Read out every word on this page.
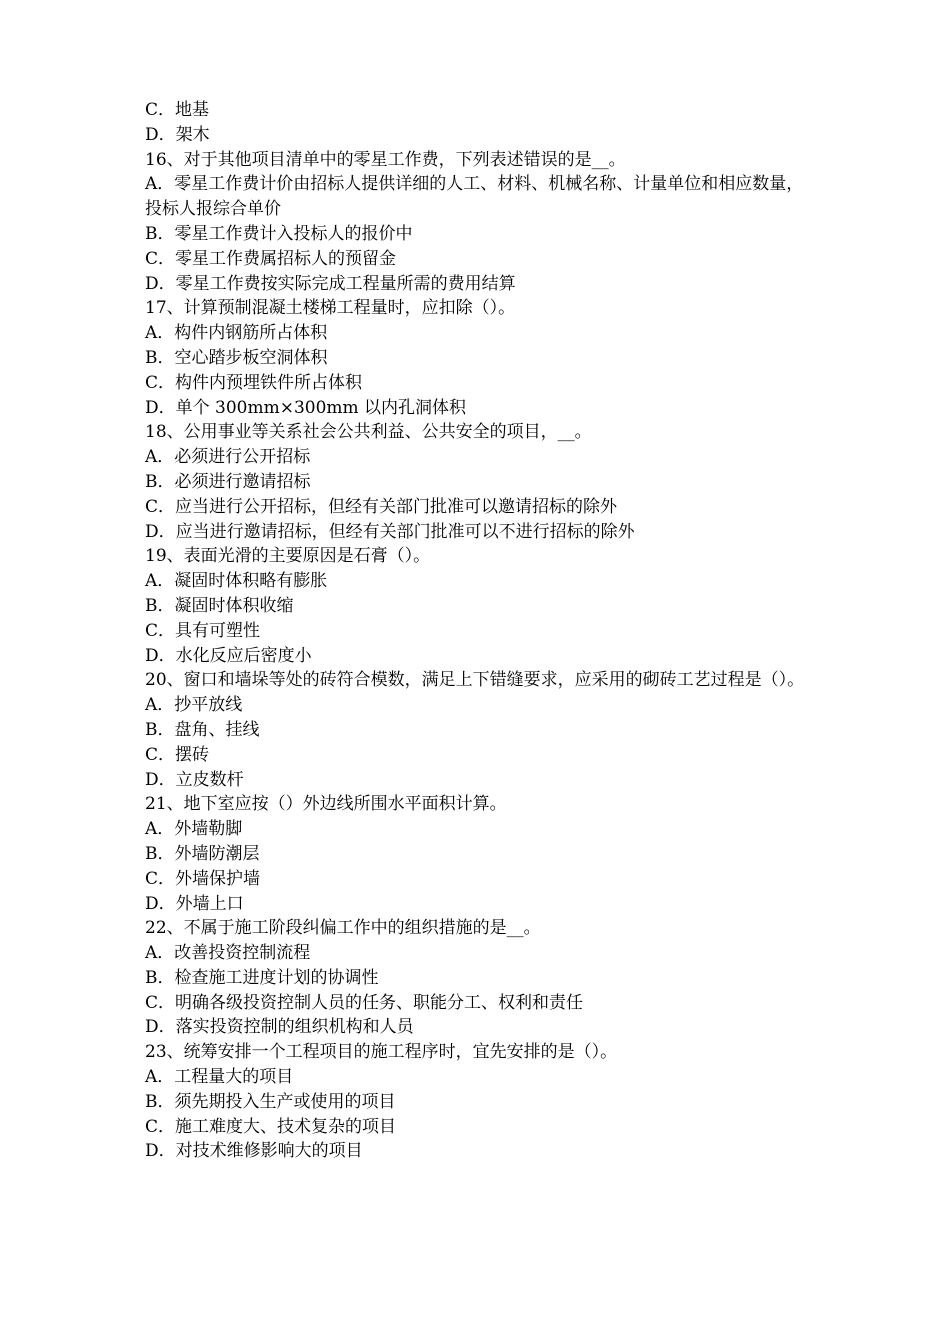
C．地基

D．架木

16、对于其他项目清单中的零星工作费，下列表述错误的是__。

A．零星工作费计价由招标人提供详细的人工、材料、机械名称、计量单位和相应数量，投标人报综合单价

B．零星工作费计入投标人的报价中

C．零星工作费属招标人的预留金

D．零星工作费按实际完成工程量所需的费用结算

17、计算预制混凝土楼梯工程量时，应扣除（）。

A．构件内钢筋所占体积

B．空心踏步板空洞体积

C．构件内预埋铁件所占体积

D．单个 300mm×300mm 以内孔洞体积

18、公用事业等关系社会公共利益、公共安全的项目，__。

A．必须进行公开招标

B．必须进行邀请招标

C．应当进行公开招标，但经有关部门批准可以邀请招标的除外

D．应当进行邀请招标，但经有关部门批准可以不进行招标的除外

19、表面光滑的主要原因是石膏（）。

A．凝固时体积略有膨胀

B．凝固时体积收缩

C．具有可塑性

D．水化反应后密度小

20、窗口和墙垛等处的砖符合模数，满足上下错缝要求，应采用的砌砖工艺过程是（）。

A．抄平放线

B．盘角、挂线

C．摆砖

D．立皮数杆

21、地下室应按（）外边线所围水平面积计算。

A．外墙勒脚

B．外墙防潮层

C．外墙保护墙

D．外墙上口

22、不属于施工阶段纠偏工作中的组织措施的是__。

A．改善投资控制流程

B．检查施工进度计划的协调性

C．明确各级投资控制人员的任务、职能分工、权利和责任

D．落实投资控制的组织机构和人员

23、统筹安排一个工程项目的施工程序时，宜先安排的是（）。

A．工程量大的项目

B．须先期投入生产或使用的项目

C．施工难度大、技术复杂的项目

D．对技术维修影响大的项目
